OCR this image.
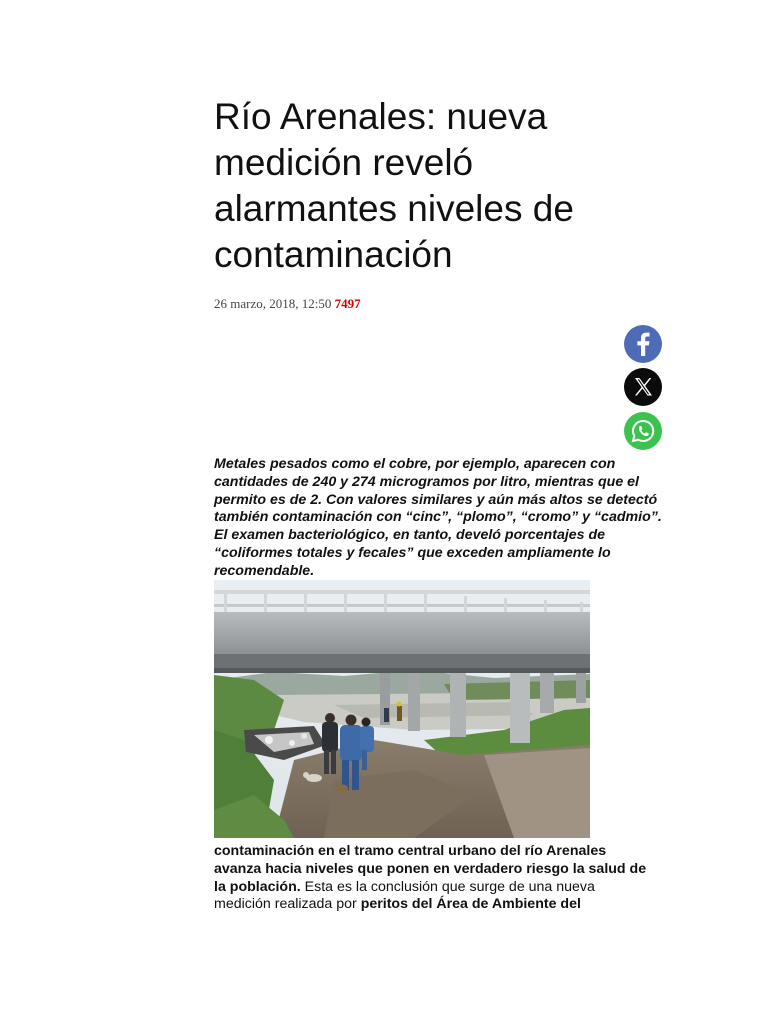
Río Arenales: nueva medición reveló alarmantes niveles de contaminación
26 marzo, 2018, 12:50 7497

Metales pesados como el cobre, por ejemplo, aparecen con cantidades de 240 y 274 microgramos por litro, mientras que el permito es de 2. Con valores similares y aún más altos se detectó también contaminación con “cinc”, “plomo”, “cromo” y “cadmio”. El examen bacteriológico, en tanto, develó porcentajes de “coliformes totales y fecales” que exceden ampliamente lo recomendable.

contaminación en el tramo central urbano del río Arenales avanza hacia niveles que ponen en verdadero riesgo la salud de la población. Esta es la conclusión que surge de una nueva medición realizada por peritos del Área de Ambiente del
